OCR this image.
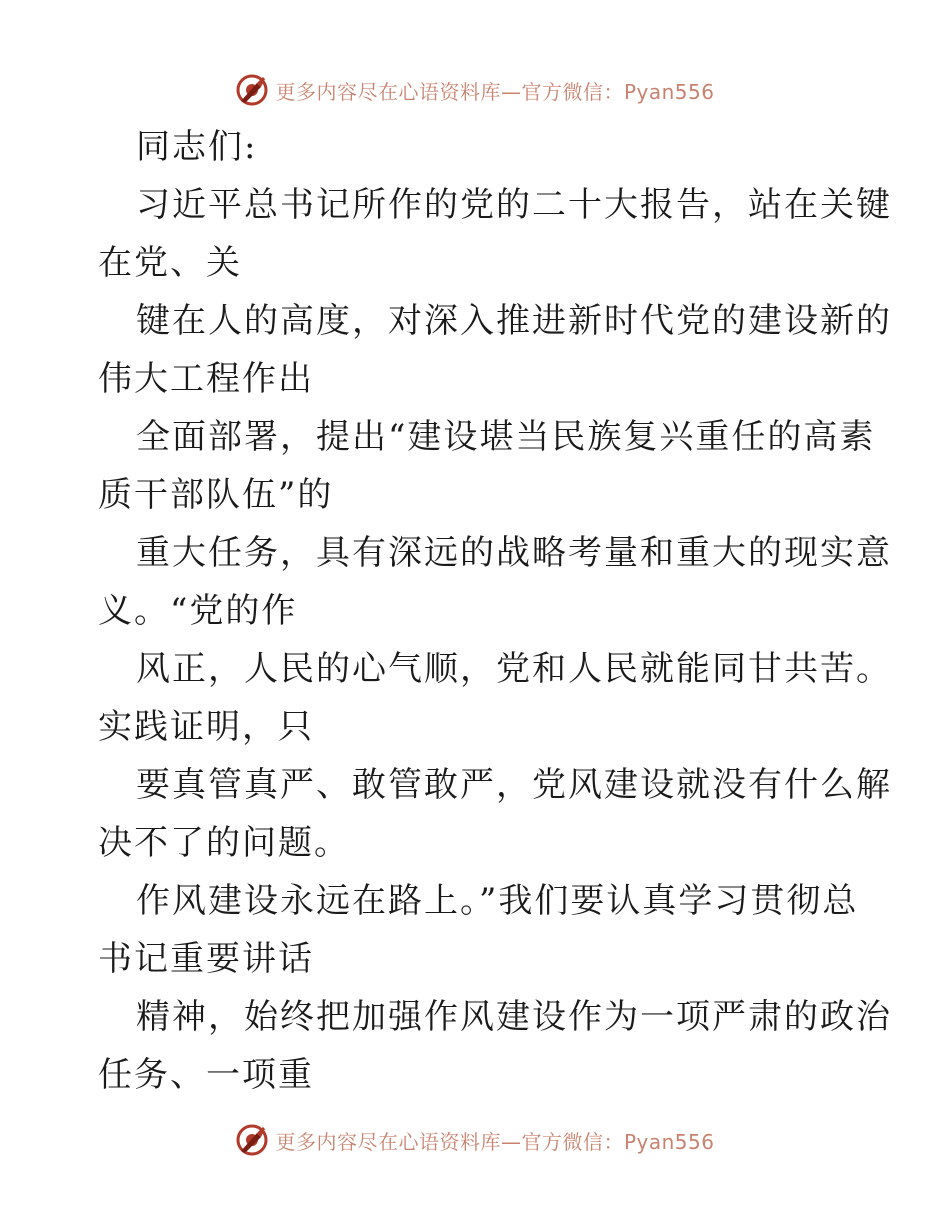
更多内容尽在心语资料库—官方微信：Pyan556
同志们:
习近平总书记所作的党的二十大报告，站在关键
在党、关
键在人的高度，对深入推进新时代党的建设新的
伟大工程作出
全面部署，提出“建设堪当民族复兴重任的高素
质干部队伍”的
重大任务，具有深远的战略考量和重大的现实意
义。“党的作
风正，人民的心气顺，党和人民就能同甘共苦。
实践证明，只
要真管真严、敢管敢严，党风建设就没有什么解
决不了的问题。
作风建设永远在路上。”我们要认真学习贯彻总
书记重要讲话
精神，始终把加强作风建设作为一项严肃的政治
任务、一项重
更多内容尽在心语资料库—官方微信：Pyan556
